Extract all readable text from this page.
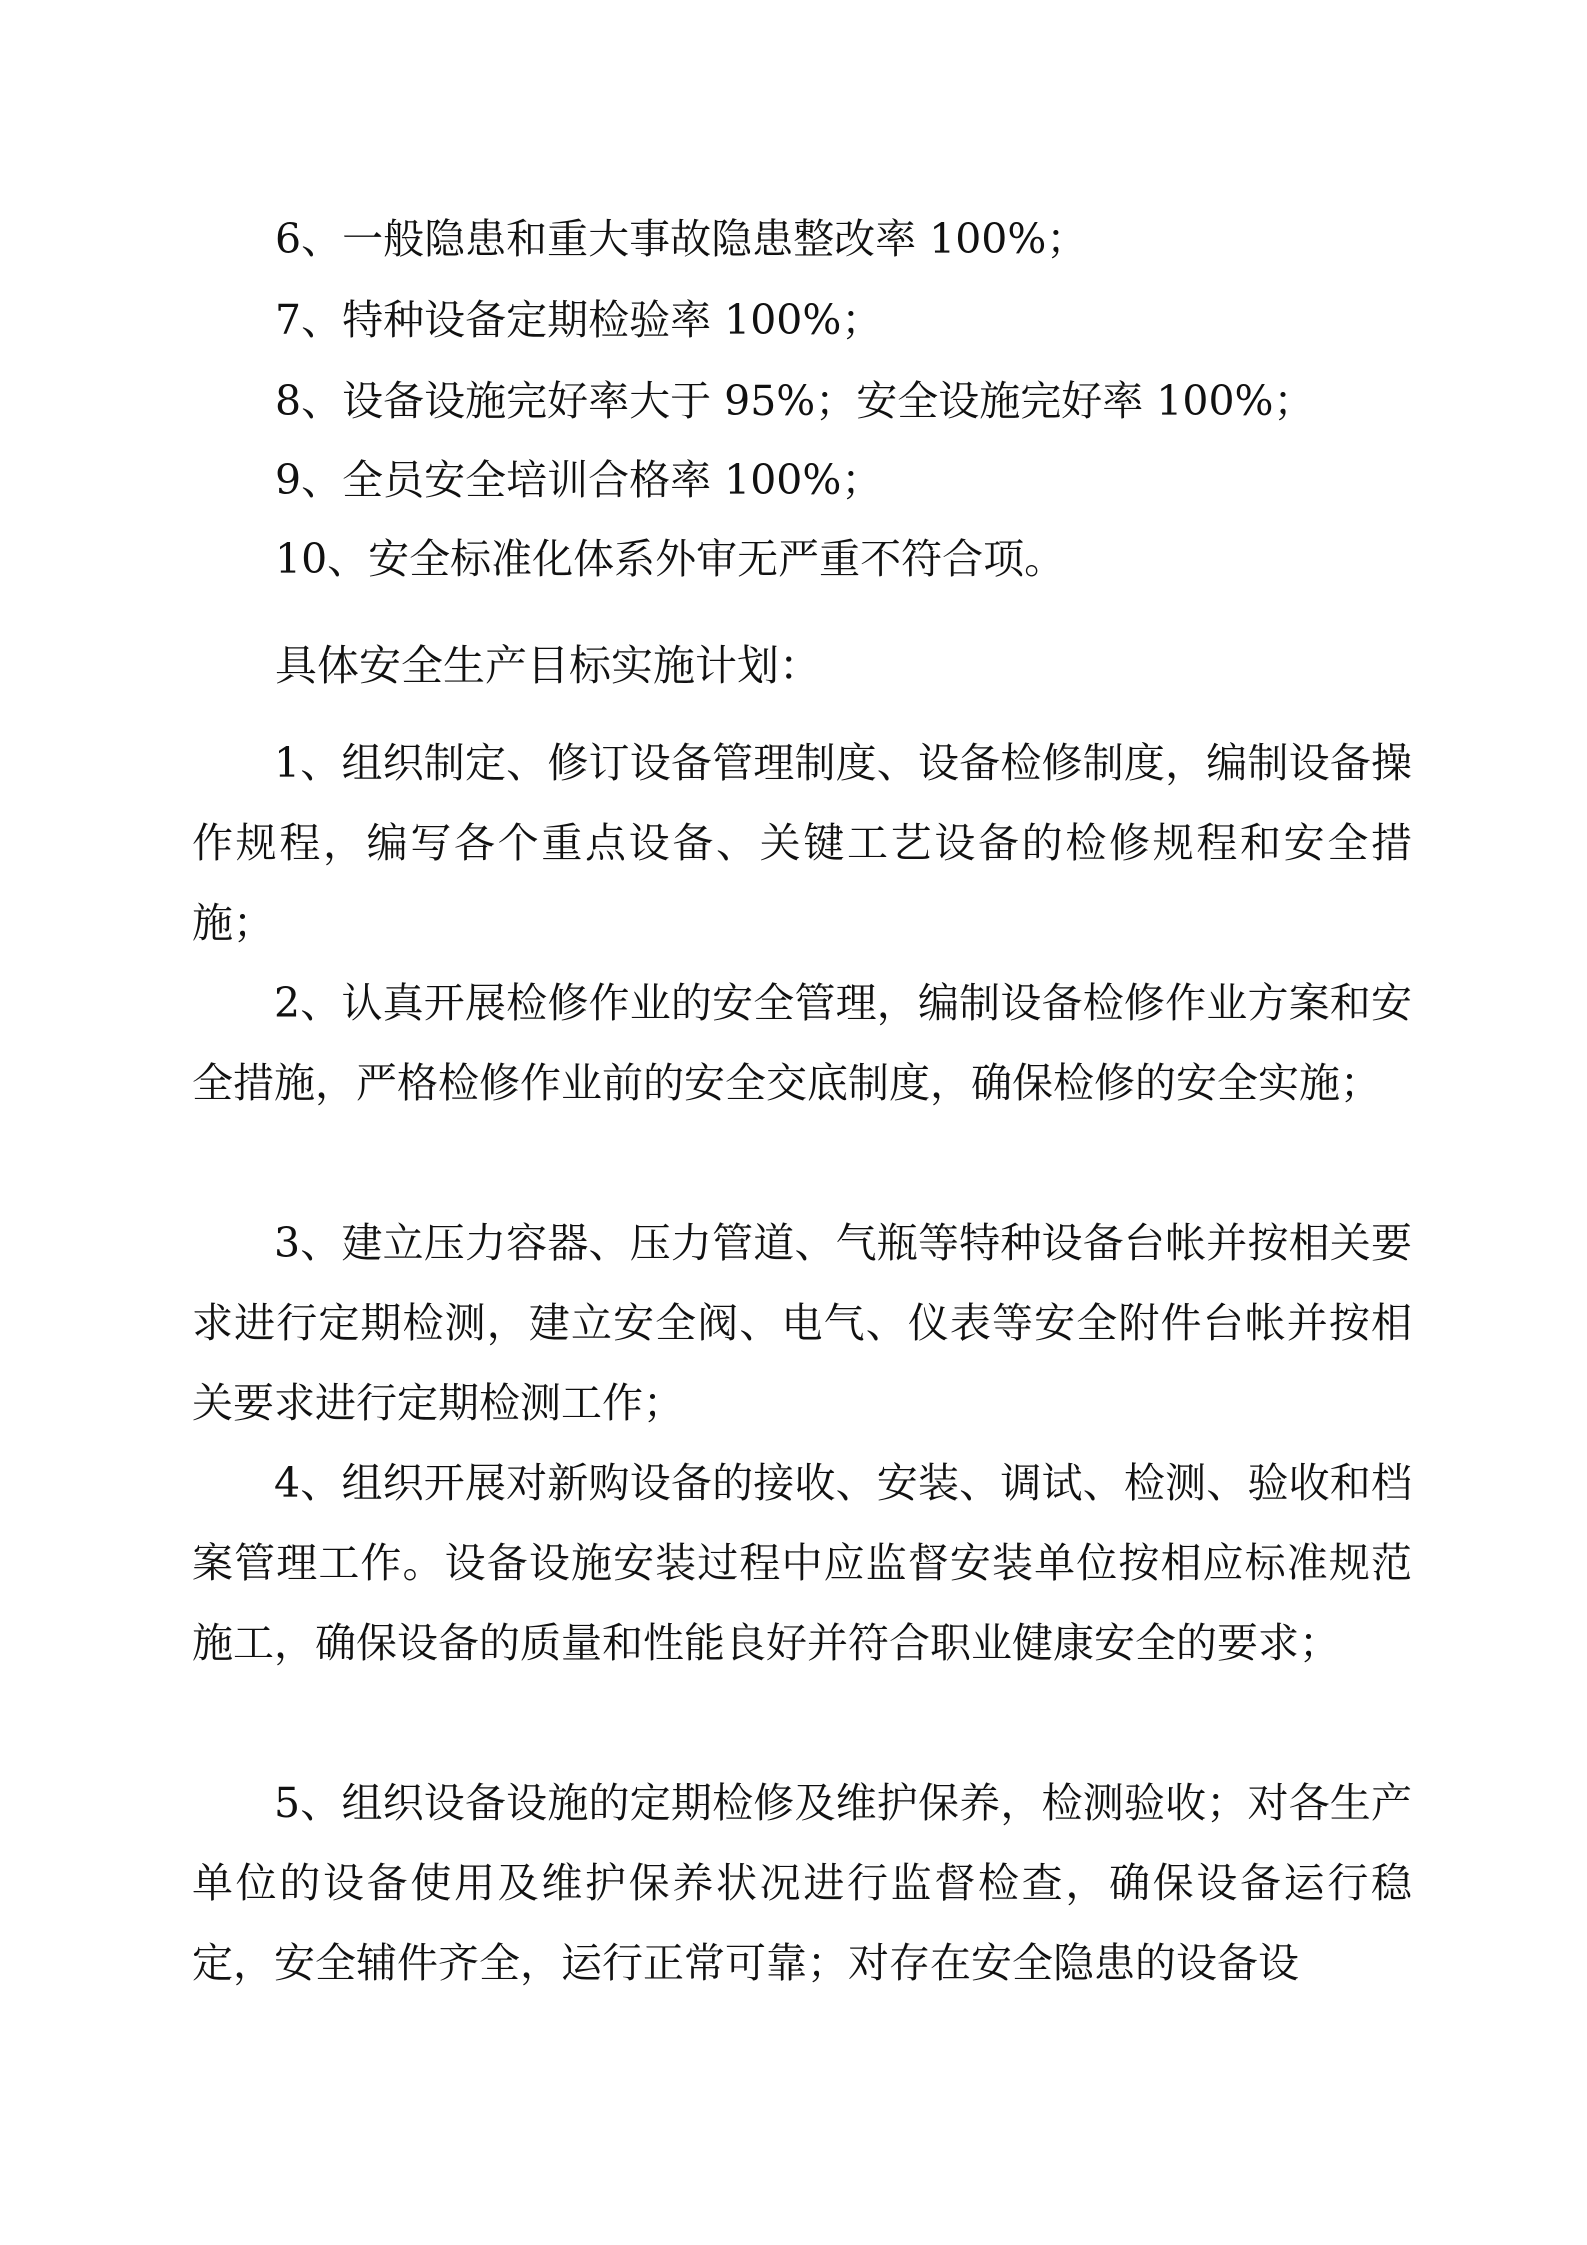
6、一般隐患和重大事故隐患整改率 100%；
7、特种设备定期检验率 100%；
8、设备设施完好率大于 95%；安全设施完好率 100%；
9、全员安全培训合格率 100%；
10、安全标准化体系外审无严重不符合项。
具体安全生产目标实施计划：

1、组织制定、修订设备管理制度、设备检修制度，编制设备操作规程，编写各个重点设备、关键工艺设备的检修规程和安全措施；

2、认真开展检修作业的安全管理，编制设备检修作业方案和安全措施，严格检修作业前的安全交底制度，确保检修的安全实施；

3、建立压力容器、压力管道、气瓶等特种设备台帐并按相关要求进行定期检测，建立安全阀、电气、仪表等安全附件台帐并按相关要求进行定期检测工作；

4、组织开展对新购设备的接收、安装、调试、检测、验收和档案管理工作。设备设施安装过程中应监督安装单位按相应标准规范施工，确保设备的质量和性能良好并符合职业健康安全的要求；

5、组织设备设施的定期检修及维护保养，检测验收；对各生产单位的设备使用及维护保养状况进行监督检查，确保设备运行稳定，安全辅件齐全，运行正常可靠；对存在安全隐患的设备设
